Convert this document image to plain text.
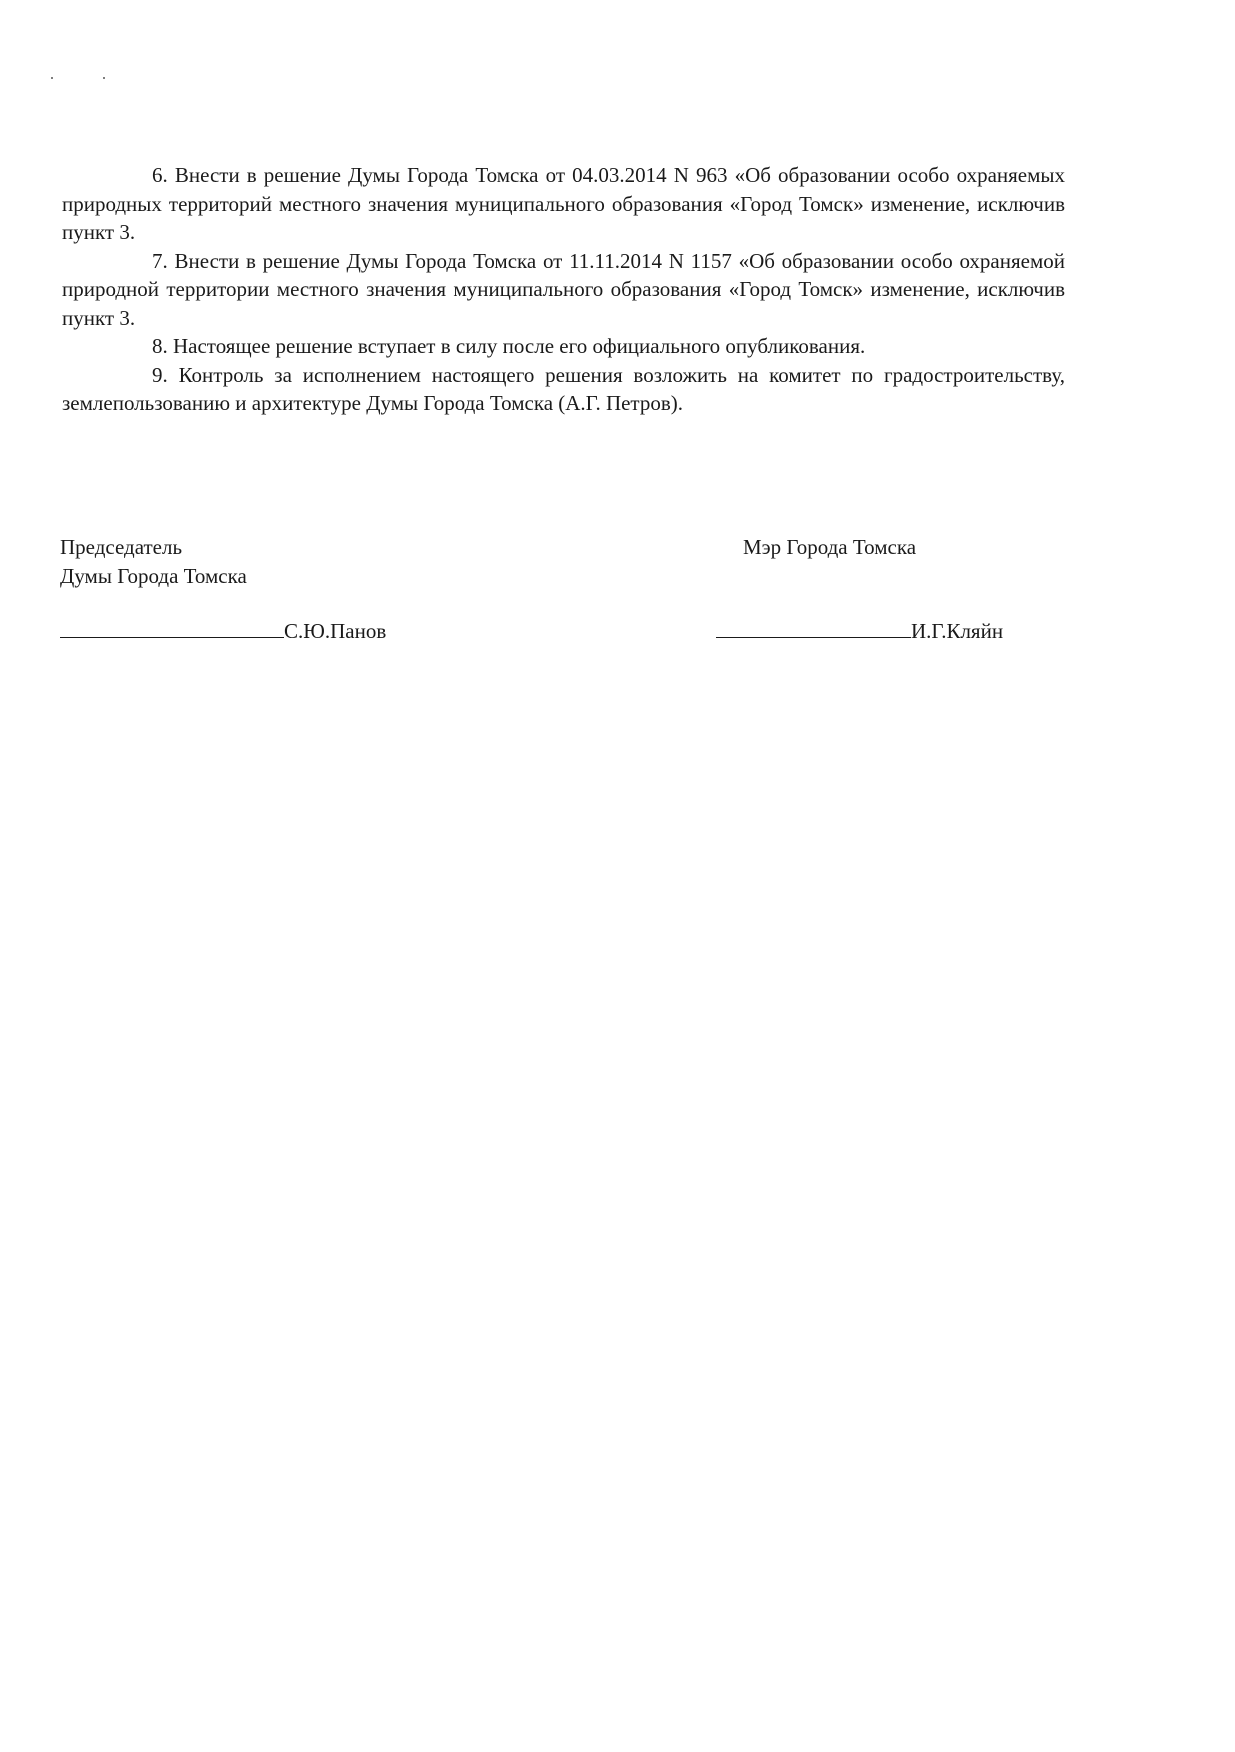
6. Внести в решение Думы Города Томска от 04.03.2014 N 963 «Об образовании особо охраняемых природных территорий местного значения муниципального образования «Город Томск» изменение, исключив пункт 3.

7. Внести в решение Думы Города Томска от 11.11.2014 N 1157 «Об образовании особо охраняемой природной территории местного значения муниципального образования «Город Томск» изменение, исключив пункт 3.

8. Настоящее решение вступает в силу после его официального опубликования.

9. Контроль за исполнением настоящего решения возложить на комитет по градостроительству, землепользованию и архитектуре Думы Города Томска (А.Г. Петров).

Председатель
Думы Города Томска
Мэр Города Томска
С.Ю.Панов	И.Г.Кляйн
